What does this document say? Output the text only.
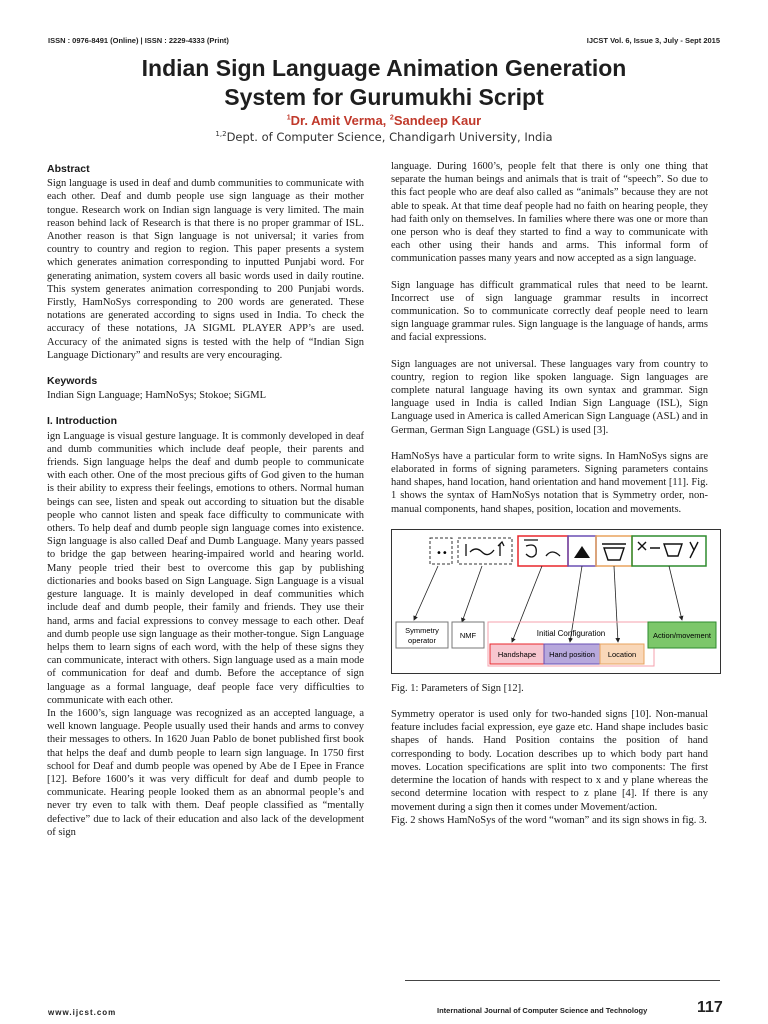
ISSN : 0976-8491 (Online) | ISSN : 2229-4333 (Print)	IJCST Vol. 6, Issue 3, July - Sept 2015
Indian Sign Language Animation Generation
System for Gurumukhi Script
$^1$Dr. Amit Verma, $^2$Sandeep Kaur
$^{1,2}$Dept. of Computer Science, Chandigarh University, India
Abstract

Sign language is used in deaf and dumb communities to communicate with each other. Deaf and dumb people use sign language as their mother tongue. Research work on Indian sign language is very limited. The main reason behind lack of Research is that there is no proper grammar of ISL. Another reason is that Sign language is not universal; it varies from country to country and region to region. This paper presents a system which generates animation corresponding to inputted Punjabi word. For generating animation, system covers all basic words used in daily routine. This system generates animation corresponding to 200 Punjabi words. Firstly, HamNoSys corresponding to 200 words are generated. These notations are generated according to signs used in India. To check the accuracy of these notations, JA SIGML PLAYER APP’s are used. Accuracy of the animated signs is tested with the help of “Indian Sign Language Dictionary” and results are very encouraging.

Keywords

Indian Sign Language; HamNoSys; Stokoe; SiGML

I. Introduction

ign Language is visual gesture language. It is commonly developed in deaf and dumb communities which include deaf people, their parents and friends. Sign language helps the deaf and dumb people to communicate with each other. One of the most precious gifts of God given to the human is their ability to express their feelings, emotions to others. Normal human beings can see, listen and speak out according to situation but the disable people who cannot listen and speak face difficulty to communicate with others. To help deaf and dumb people sign language comes into existence. Sign language is also called Deaf and Dumb Language. Many years passed to bridge the gap between hearing-impaired world and hearing world. Many people tried their best to overcome this gap by publishing dictionaries and books based on Sign Language. Sign Language is a visual gesture language. It is mainly developed in deaf communities which include deaf and dumb people, their family and friends. They use their hand, arms and facial expressions to convey message to each other. Deaf and dumb people use sign language as their mother-tongue. Sign Language helps them to learn signs of each word, with the help of these signs they can communicate, interact with others. Sign language used as a main mode of communication for deaf and dumb. Before the acceptance of sign language as a formal language, deaf people face very difficulties to communicate with each other.

In the 1600’s, sign language was recognized as an accepted language, a well known language. People usually used their hands and arms to convey their messages to others. In 1620 Juan Pablo de bonet published first book that helps the deaf and dumb people to learn sign language. In 1750 first school for Deaf and dumb people was opened by Abe de I Epee in France [12]. Before 1600’s it was very difficult for deaf and dumb people to communicate. Hearing people looked them as an abnormal people’s and never try even to talk with them. Deaf people classified as “mentally defective” due to lack of their education and also lack of the development of sign

language. During 1600’s, people felt that there is only one thing that separate the human beings and animals that is trait of “speech”. So due to this fact people who are deaf also called as “animals” because they are not able to speak. At that time deaf people had no faith on hearing people, they had faith only on themselves. In families where there was one or more than one person who is deaf they started to find a way to communicate with each other using their hands and arms. This informal form of communication passes many years and now accepted as a sign language.

Sign language has difficult grammatical rules that need to be learnt. Incorrect use of sign language grammar results in incorrect communication. So to communicate correctly deaf people need to learn sign language grammar rules. Sign language is the language of hands, arms and facial expressions.

Sign languages are not universal. These languages vary from country to country, region to region like spoken language. Sign languages are complete natural language having its own syntax and grammar. Sign language used in India is called Indian Sign Language (ISL), Sign Language used in America is called American Sign Language (ASL) and in German, German Sign Language (GSL) is used [3].

HamNoSys have a particular form to write signs. In HamNoSys signs are elaborated in forms of signing parameters. Signing parameters contains hand shapes, hand location, hand orientation and hand movement [11]. Fig. 1 shows the syntax of HamNoSys notation that is Symmetry order, non-manual components, hand shapes, position, location and movements.

••
Symmetry
operator
NMF	Initial Configuration
Handshape Hand position Location
Action/movement

Fig. 1: Parameters of Sign [12].

Symmetry operator is used only for two-handed signs [10]. Non-manual feature includes facial expression, eye gaze etc. Hand shape includes basic shapes of hands. Hand Position contains the position of hand corresponding to body. Location describes up to which body part hand moves. Location specifications are split into two components: The first determine the location of hands with respect to x and y plane whereas the second determine location with respect to z plane [4]. If there is any movement during a sign then it comes under Movement/action.

Fig. 2 shows HamNoSys of the word “woman” and its sign shows in fig. 3.

www.ijcst.com	International Journal of Computer Science and Technology	117
